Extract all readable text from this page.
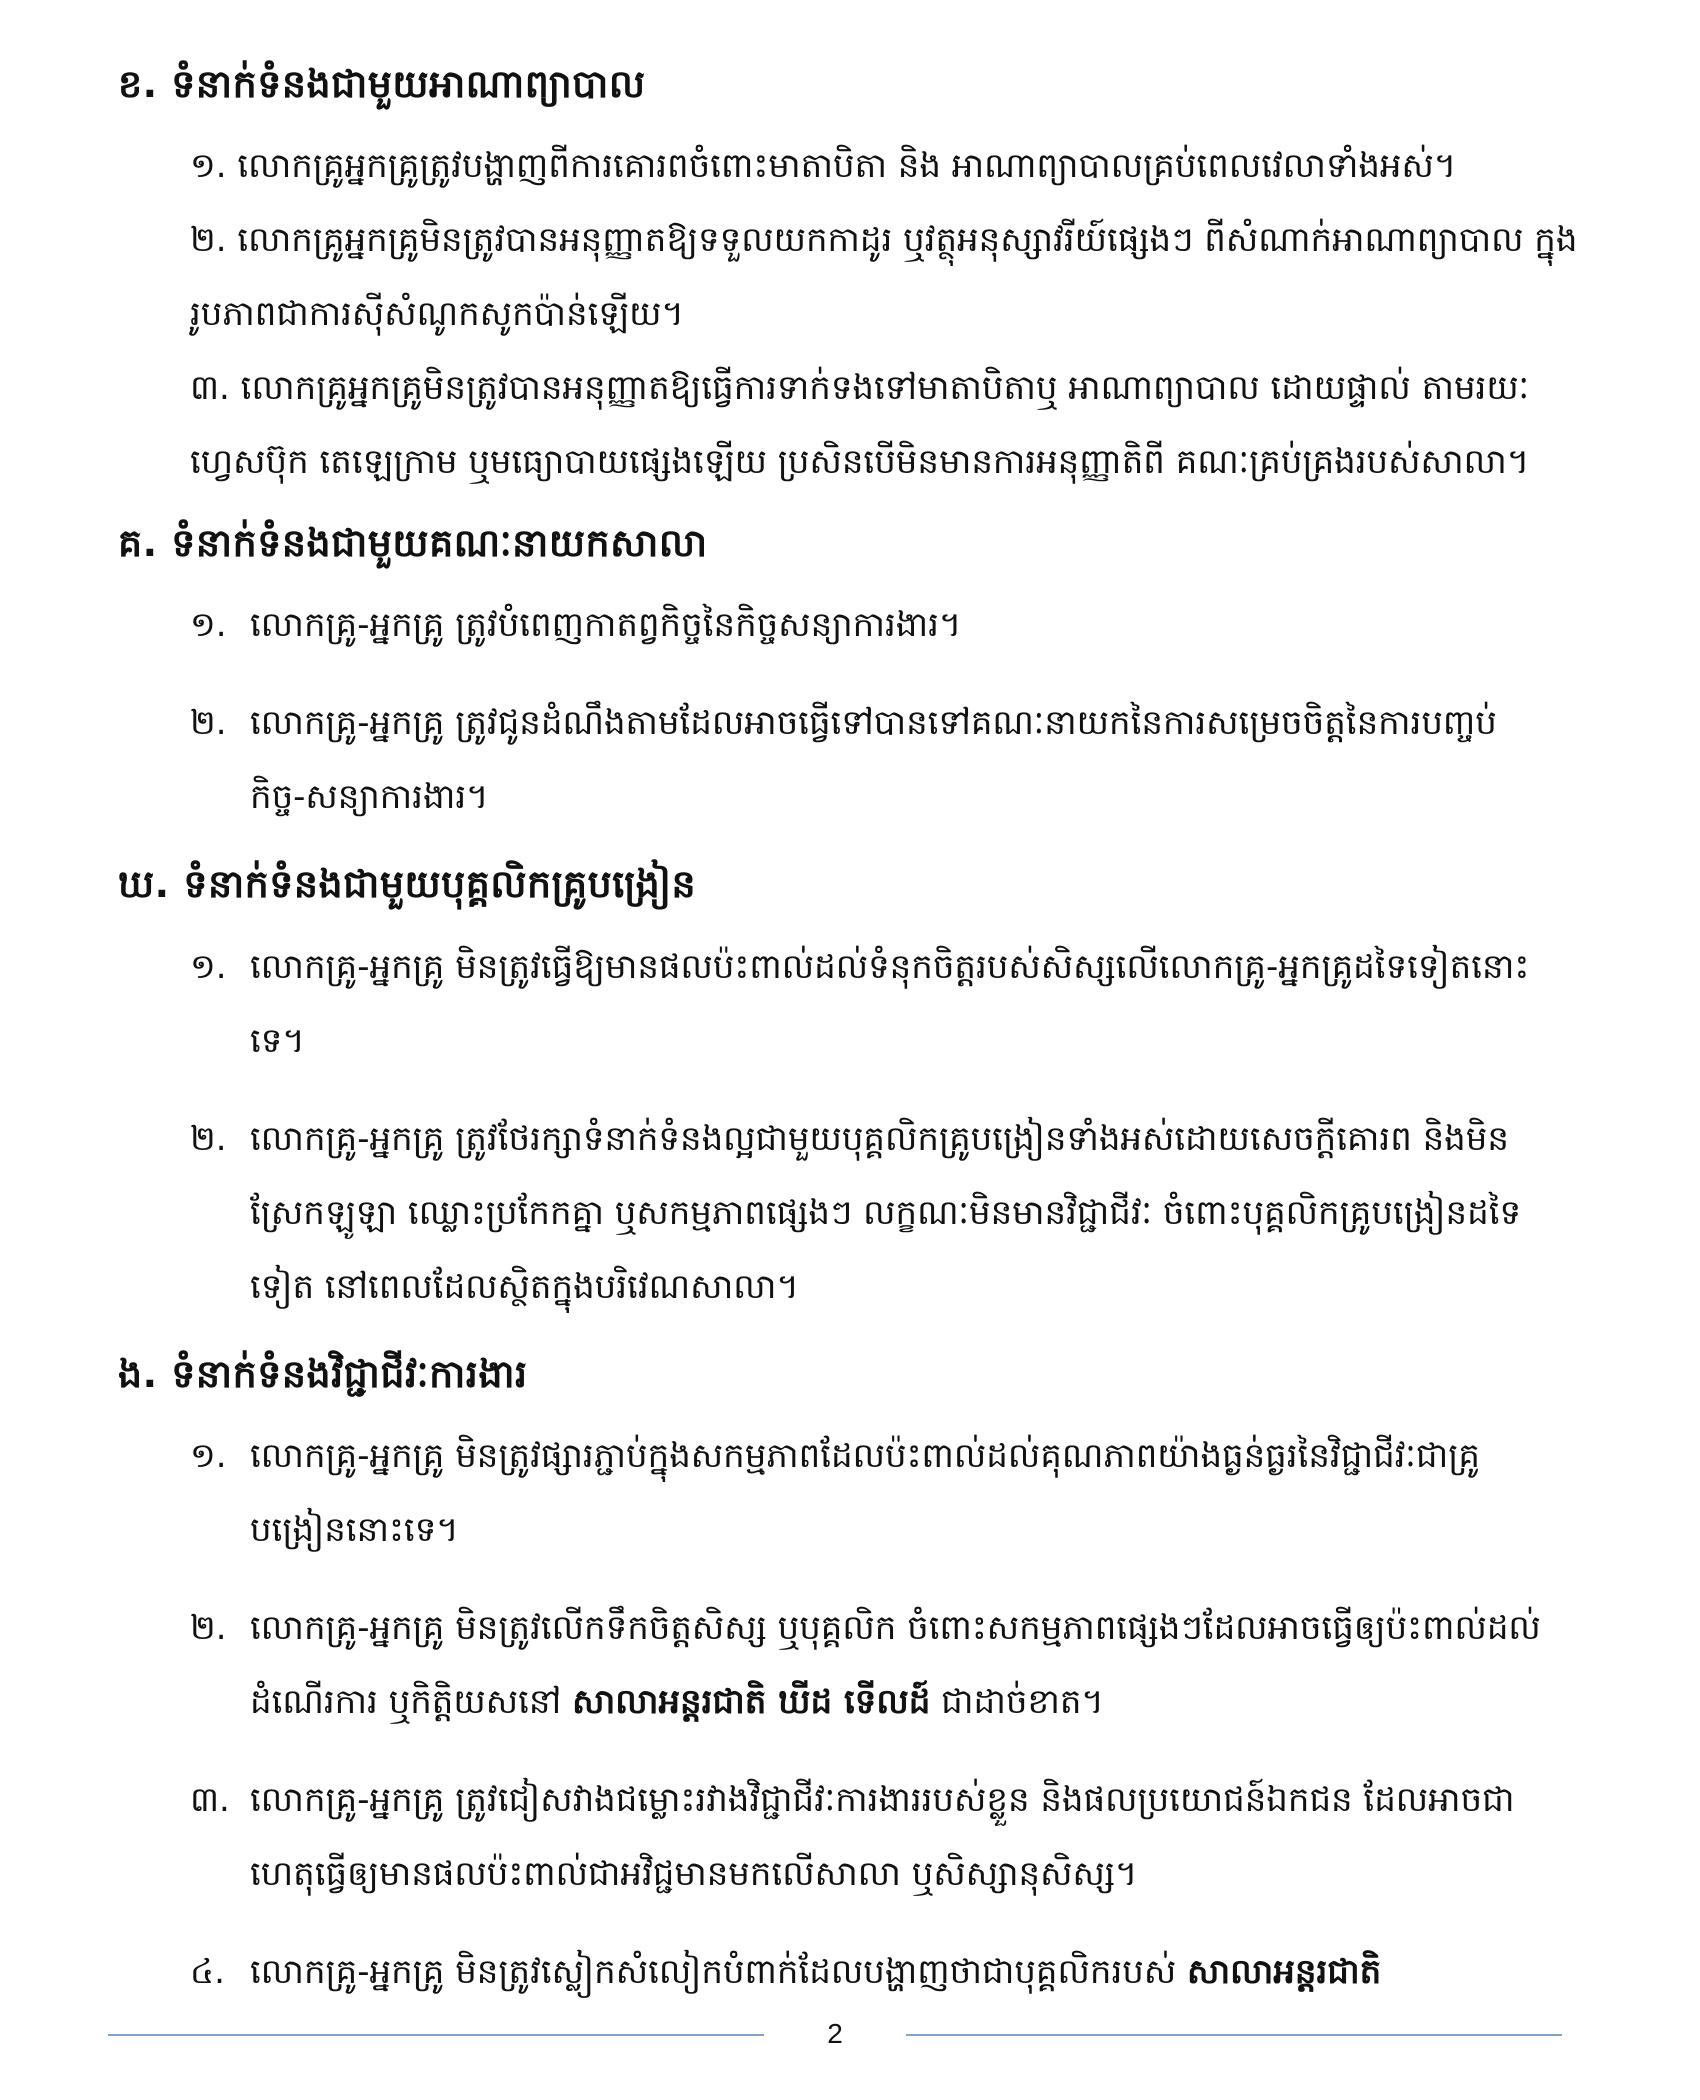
ខ. ទំនាក់ទំនងជាមួយអាណាព្យាបាល

១. លោកគ្រូអ្នកគ្រូត្រូវបង្ហាញពីការគោរពចំពោះមាតាបិតា និង អាណាព្យាបាលគ្រប់ពេលវេលាទាំងអស់។

២. លោកគ្រូអ្នកគ្រូមិនត្រូវបានអនុញ្ញាតឱ្យទទួលយកកាដូរ ឬវត្ថុអនុស្សាវរីយ៍ផ្សេងៗ ពីសំណាក់អាណាព្យាបាល ក្នុងរូបភាពជាការស៊ីសំណូកសូកប៉ាន់ឡើយ។

៣. លោកគ្រូអ្នកគ្រូមិនត្រូវបានអនុញ្ញាតឱ្យធ្វើការទាក់ទងទៅមាតាបិតាឬ អាណាព្យាបាល ដោយផ្ទាល់ តាមរយៈ ហ្វេសប៊ុក តេឡេក្រាម ឬមធ្យោបាយផ្សេងឡើយ ប្រសិនបើមិនមានការអនុញ្ញាតិពី គណៈគ្រប់គ្រងរបស់សាលា។

គ. ទំនាក់ទំនងជាមួយគណៈនាយកសាលា
១. លោកគ្រូ-អ្នកគ្រូ ត្រូវបំពេញកាតព្វកិច្ចនៃកិច្ចសន្យាការងារ។
២. លោកគ្រូ-អ្នកគ្រូ ត្រូវជូនដំណឹងតាមដែលអាចធ្វើទៅបានទៅគណៈនាយកនៃការសម្រេចចិត្តនៃការបញ្ចប់កិច្ច-សន្យាការងារ។
ឃ. ទំនាក់ទំនងជាមួយបុគ្គលិកគ្រូបង្រៀន
១. លោកគ្រូ-អ្នកគ្រូ មិនត្រូវធ្វើឱ្យមានផលប៉ះពាល់ដល់ទំនុកចិត្តរបស់សិស្សលើលោកគ្រូ-អ្នកគ្រូដទៃទៀតនោះទេ។
២. លោកគ្រូ-អ្នកគ្រូ ត្រូវថែរក្សាទំនាក់ទំនងល្អជាមួយបុគ្គលិកគ្រូបង្រៀនទាំងអស់ដោយសេចក្តីគោរព និងមិនស្រែកឡូឡា ឈ្លោះប្រកែកគ្នា ឬសកម្មភាពផ្សេងៗ លក្ខណៈមិនមានវិជ្ជាជីវៈ ចំពោះបុគ្គលិកគ្រូបង្រៀនដទៃទៀត នៅពេលដែលស្ថិតក្នុងបរិវេណសាលា។
ង. ទំនាក់ទំនងវិជ្ជាជីវៈការងារ
១. លោកគ្រូ-អ្នកគ្រូ មិនត្រូវផ្សារភ្ជាប់ក្នុងសកម្មភាពដែលប៉ះពាល់ដល់គុណភាពយ៉ាងធ្ងន់ធ្ងរនៃវិជ្ជាជីវៈជាគ្រូបង្រៀននោះទេ។
២. លោកគ្រូ-អ្នកគ្រូ មិនត្រូវលើកទឹកចិត្តសិស្ស ឬបុគ្គលិក ចំពោះសកម្មភាពផ្សេងៗដែលអាចធ្វើឲ្យប៉ះពាល់ដល់ដំណើរការ ឬកិត្តិយសនៅ សាលាអន្តរជាតិ ឃីដ ទើលដ៍ ជាដាច់ខាត។
៣. លោកគ្រូ-អ្នកគ្រូ ត្រូវជៀសវាងជម្លោះរវាងវិជ្ជាជីវៈការងាររបស់ខ្លួន និងផលប្រយោជន៍ឯកជន ដែលអាចជាហេតុធ្វើឲ្យមានផលប៉ះពាល់ជាអវិជ្ជមានមកលើសាលា ឬសិស្សានុសិស្ស។
៤. លោកគ្រូ-អ្នកគ្រូ មិនត្រូវស្លៀកសំលៀកបំពាក់ដែលបង្ហាញថាជាបុគ្គលិករបស់ សាលាអន្តរជាតិ
2
